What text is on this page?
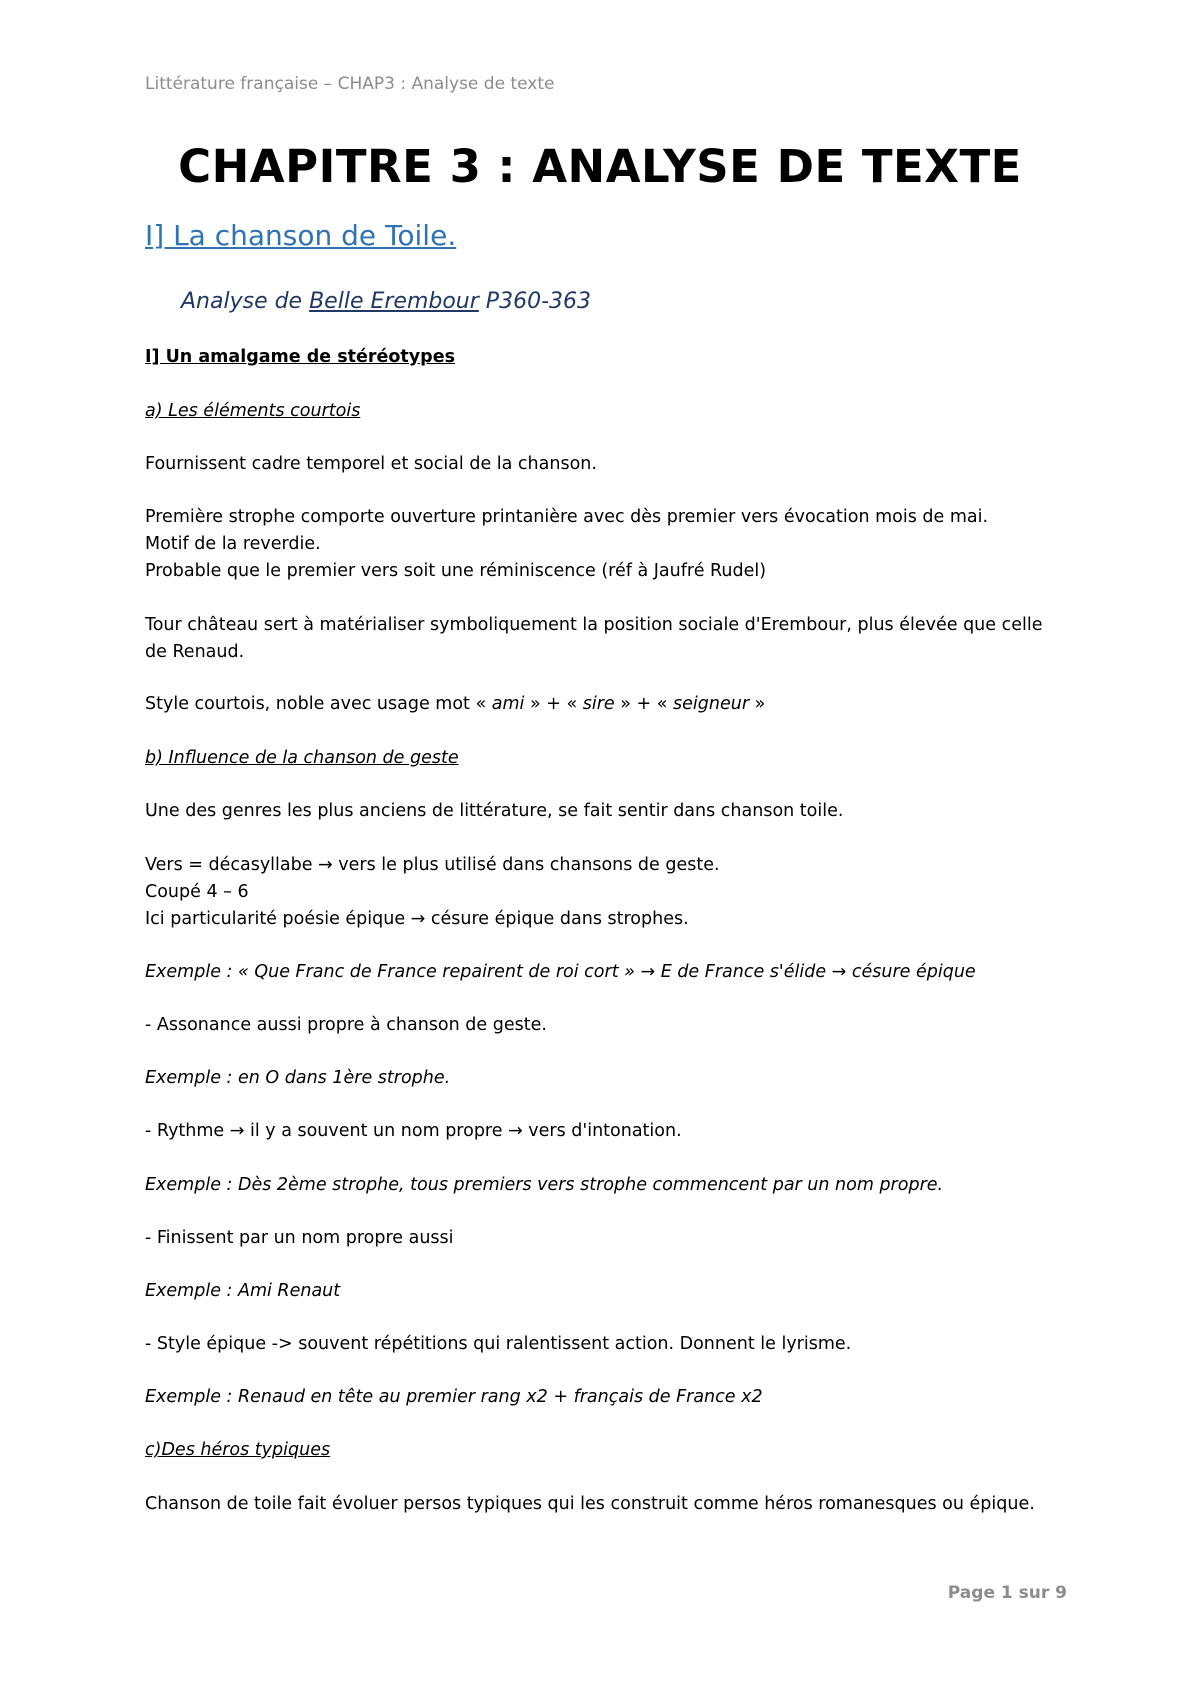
Littérature française – CHAP3 : Analyse de texte
CHAPITRE 3 : ANALYSE DE TEXTE
I] La chanson de Toile.
Analyse de Belle Erembour P360-363
I] Un amalgame de stéréotypes
a) Les éléments courtois
Fournissent cadre temporel et social de la chanson.
Première strophe comporte ouverture printanière avec dès premier vers évocation mois de mai.
Motif de la reverdie.
Probable que le premier vers soit une réminiscence (réf à Jaufré Rudel)
Tour château sert à matérialiser symboliquement la position sociale d'Erembour, plus élevée que celle
de Renaud.
Style courtois, noble avec usage mot « ami » + « sire » + « seigneur »
b) Influence de la chanson de geste
Une des genres les plus anciens de littérature, se fait sentir dans chanson toile.
Vers = décasyllabe → vers le plus utilisé dans chansons de geste.
Coupé 4 – 6
Ici particularité poésie épique → césure épique dans strophes.
Exemple : « Que Franc de France repairent de roi cort » → E de France s'élide → césure épique
- Assonance aussi propre à chanson de geste.
Exemple : en O dans 1ère strophe.
- Rythme → il y a souvent un nom propre → vers d'intonation.
Exemple : Dès 2ème strophe, tous premiers vers strophe commencent par un nom propre.
- Finissent par un nom propre aussi
Exemple : Ami Renaut
- Style épique -> souvent répétitions qui ralentissent action. Donnent le lyrisme.
Exemple : Renaud en tête au premier rang x2 + français de France x2
c)Des héros typiques
Chanson de toile fait évoluer persos typiques qui les construit comme héros romanesques ou épique.
Page 1 sur 9
